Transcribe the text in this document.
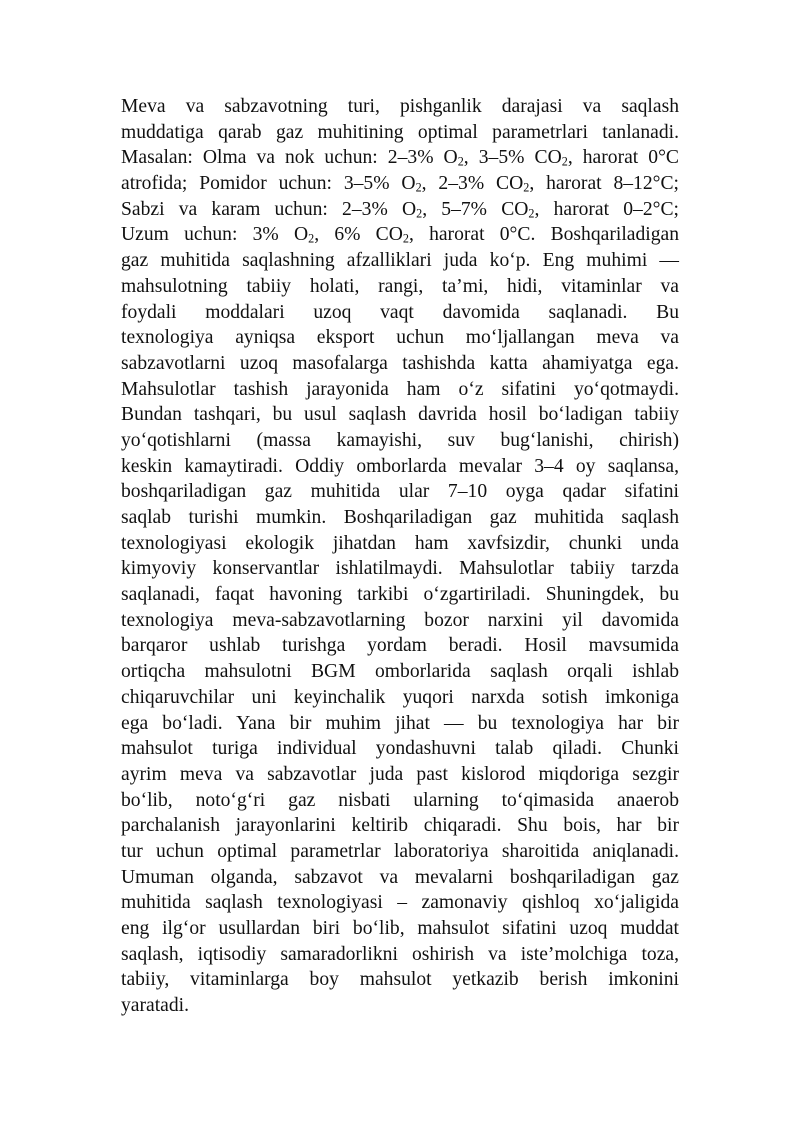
Meva va sabzavotning turi, pishganlik darajasi va saqlash
muddatiga qarab gaz muhitining optimal parametrlari tanlanadi.
Masalan: Olma va nok uchun: 2–3% $O_2$, 3–5% $CO_2$, harorat 0°C
atrofida; Pomidor uchun: 3–5% $O_2$, 2–3% $CO_2$, harorat 8–12°C;
Sabzi va karam uchun: 2–3% $O_2$, 5–7% $CO_2$, harorat 0–2°C;
Uzum uchun: 3% $O_2$, 6% $CO_2$, harorat 0°C. Boshqariladigan
gaz muhitida saqlashning afzalliklari juda ko‘p. Eng muhimi —
mahsulotning tabiiy holati, rangi, ta’mi, hidi, vitaminlar va
foydali moddalari uzoq vaqt davomida saqlanadi. Bu
texnologiya ayniqsa eksport uchun mo‘ljallangan meva va
sabzavotlarni uzoq masofalarga tashishda katta ahamiyatga ega.
Mahsulotlar tashish jarayonida ham o‘z sifatini yo‘qotmaydi.
Bundan tashqari, bu usul saqlash davrida hosil bo‘ladigan tabiiy
yo‘qotishlarni (massa kamayishi, suv bug‘lanishi, chirish)
keskin kamaytiradi. Oddiy omborlarda mevalar 3–4 oy saqlansa,
boshqariladigan gaz muhitida ular 7–10 oyga qadar sifatini
saqlab turishi mumkin. Boshqariladigan gaz muhitida saqlash
texnologiyasi ekologik jihatdan ham xavfsizdir, chunki unda
kimyoviy konservantlar ishlatilmaydi. Mahsulotlar tabiiy tarzda
saqlanadi, faqat havoning tarkibi o‘zgartiriladi. Shuningdek, bu
texnologiya meva-sabzavotlarning bozor narxini yil davomida
barqaror ushlab turishga yordam beradi. Hosil mavsumida
ortiqcha mahsulotni BGM omborlarida saqlash orqali ishlab
chiqaruvchilar uni keyinchalik yuqori narxda sotish imkoniga
ega bo‘ladi. Yana bir muhim jihat — bu texnologiya har bir
mahsulot turiga individual yondashuvni talab qiladi. Chunki
ayrim meva va sabzavotlar juda past kislorod miqdoriga sezgir
bo‘lib, noto‘g‘ri gaz nisbati ularning to‘qimasida anaerob
parchalanish jarayonlarini keltirib chiqaradi. Shu bois, har bir
tur uchun optimal parametrlar laboratoriya sharoitida aniqlanadi.
Umuman olganda, sabzavot va mevalarni boshqariladigan gaz
muhitida saqlash texnologiyasi – zamonaviy qishloq xo‘jaligida
eng ilg‘or usullardan biri bo‘lib, mahsulot sifatini uzoq muddat
saqlash, iqtisodiy samaradorlikni oshirish va iste’molchiga toza,
tabiiy, vitaminlarga boy mahsulot yetkazib berish imkonini
yaratadi.
